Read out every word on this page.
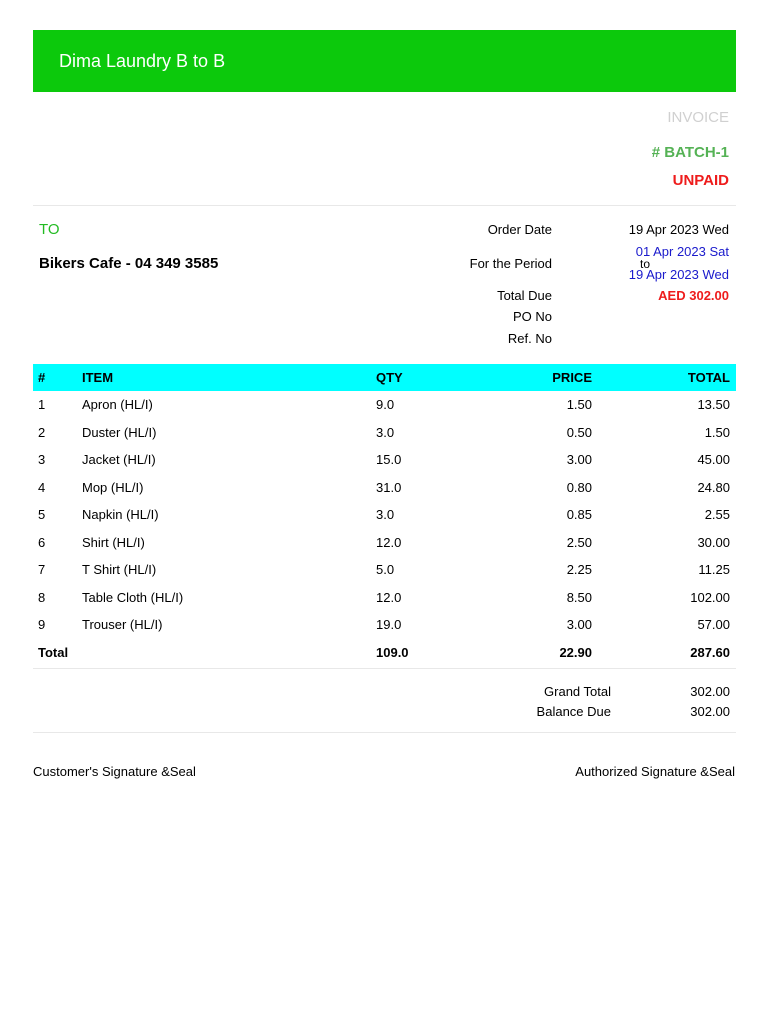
Dima Laundry B to B
INVOICE
# BATCH-1
UNPAID
TO
Bikers Cafe - 04 349 3585
Order Date	19 Apr 2023 Wed
For the Period
01 Apr 2023 Sat
to
19 Apr 2023 Wed
Total Due	AED 302.00
PO No
Ref. No
#	ITEM	QTY	PRICE	TOTAL
1	Apron (HL/I)	9.0	1.50	13.50
2	Duster (HL/I)	3.0	0.50	1.50
3	Jacket (HL/I)	15.0	3.00	45.00
4	Mop (HL/I)	31.0	0.80	24.80
5	Napkin (HL/I)	3.0	0.85	2.55
6	Shirt (HL/I)	12.0	2.50	30.00
7	T Shirt (HL/I)	5.0	2.25	11.25
8	Table Cloth (HL/I)	12.0	8.50	102.00
9	Trouser (HL/I)	19.0	3.00	57.00
Total		109.0	22.90	287.60
Grand Total	302.00
Balance Due	302.00
Customer's Signature &Seal	Authorized Signature &Seal
